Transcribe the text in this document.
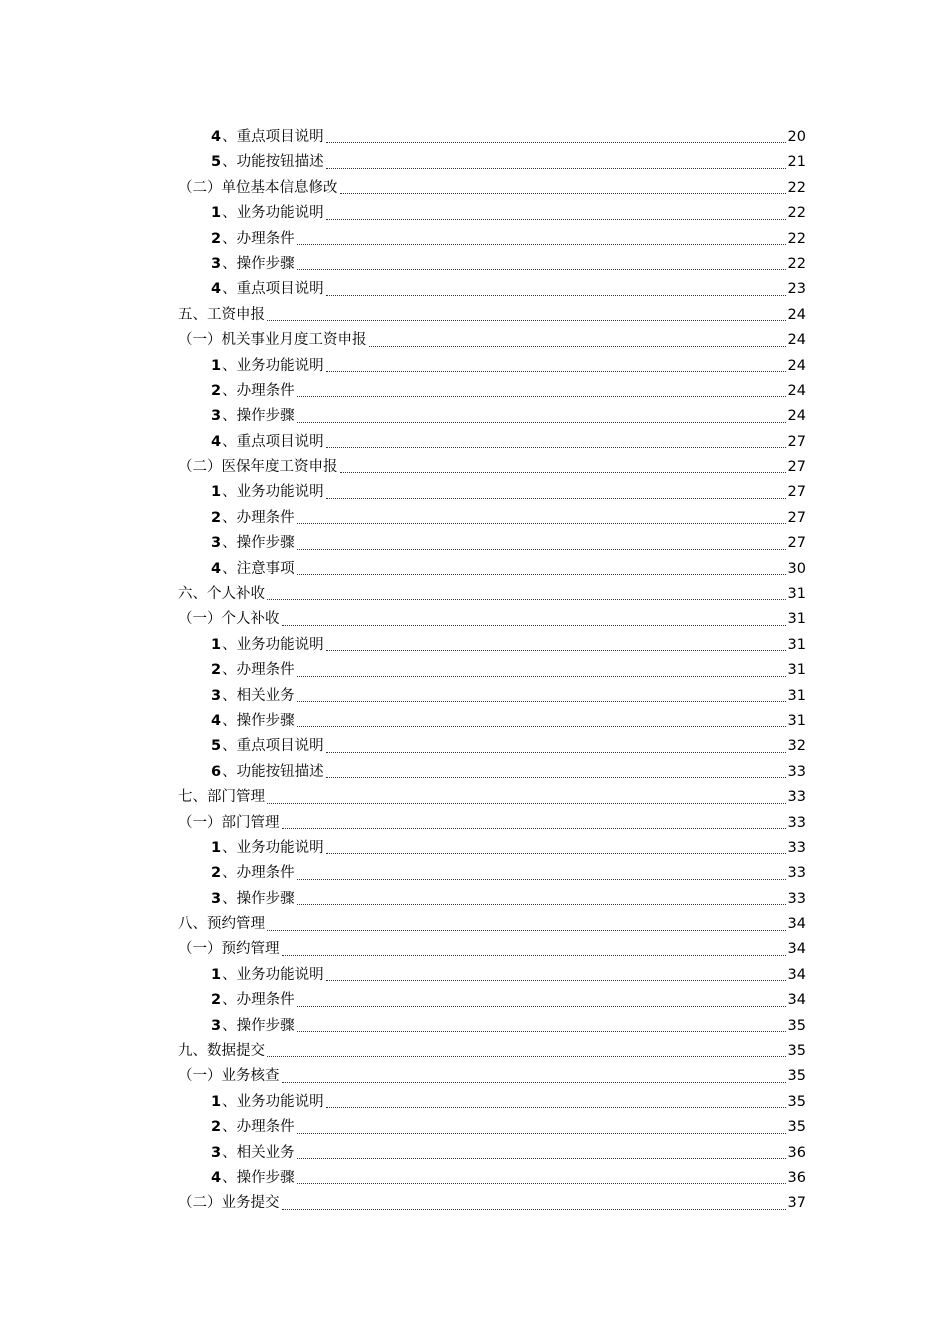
4 、重点项目说明	20
5 、功能按钮描述	21
（二）单位基本信息修改	22
1 、业务功能说明	22
2 、办理条件	22
3 、操作步骤	22
4 、重点项目说明	23
五、工资申报	24
（一）机关事业月度工资申报	24
1 、业务功能说明	24
2 、办理条件	24
3 、操作步骤	24
4 、重点项目说明	27
（二）医保年度工资申报	27
1 、业务功能说明	27
2 、办理条件	27
3 、操作步骤	27
4 、注意事项	30
六、个人补收	31
（一）个人补收	31
1 、业务功能说明	31
2 、办理条件	31
3 、相关业务	31
4 、操作步骤	31
5 、重点项目说明	32
6 、功能按钮描述	33
七、部门管理	33
（一）部门管理	33
1 、业务功能说明	33
2 、办理条件	33
3 、操作步骤	33
八、预约管理	34
（一）预约管理	34
1 、业务功能说明	34
2 、办理条件	34
3 、操作步骤	35
九、数据提交	35
（一）业务核查	35
1 、业务功能说明	35
2 、办理条件	35
3 、相关业务	36
4 、操作步骤	36
（二）业务提交	37
